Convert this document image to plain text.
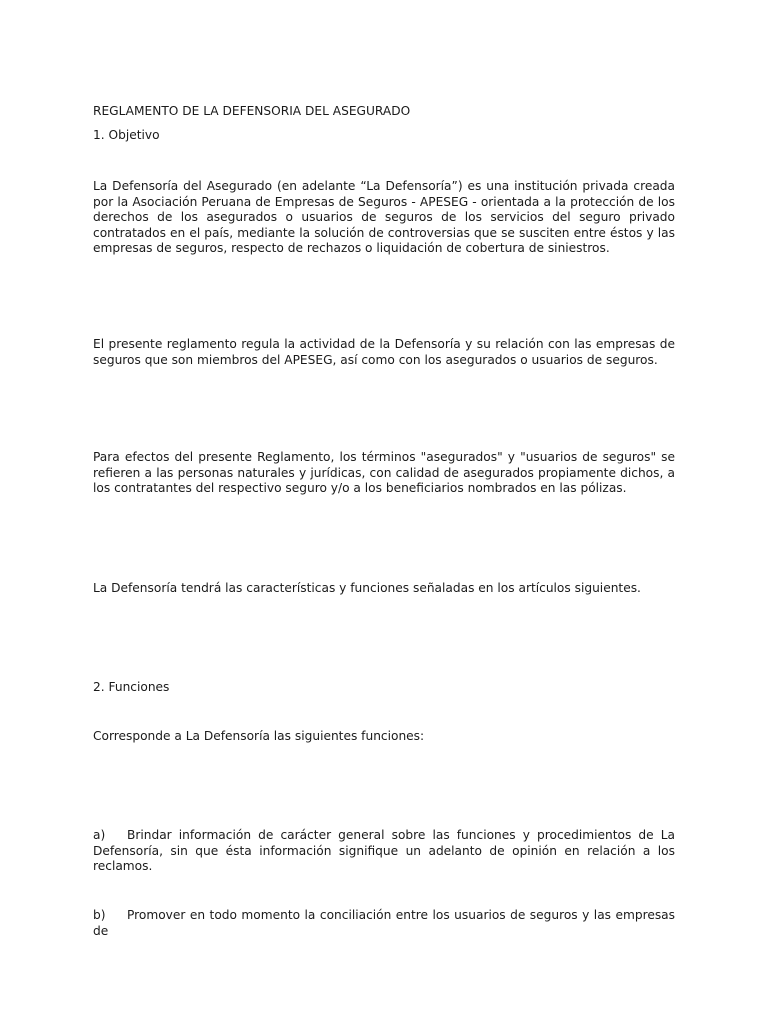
REGLAMENTO DE LA DEFENSORIA DEL ASEGURADO

1. Objetivo

La Defensoría del Asegurado (en adelante “La Defensoría”) es una institución privada creada por la Asociación Peruana de Empresas de Seguros - APESEG - orientada a la protección de los derechos de los asegurados o usuarios de seguros de los servicios del seguro privado contratados en el país, mediante la solución de controversias que se susciten entre éstos y las empresas de seguros, respecto de rechazos o liquidación de cobertura de siniestros.

El presente reglamento regula la actividad de la Defensoría y su relación con las empresas de seguros que son miembros del APESEG, así como con los asegurados o usuarios de seguros.

Para efectos del presente Reglamento, los términos "asegurados" y "usuarios de seguros" se refieren a las personas naturales y jurídicas, con calidad de asegurados propiamente dichos, a los contratantes del respectivo seguro y/o a los beneficiarios nombrados en las pólizas.

La Defensoría tendrá las características y funciones señaladas en los artículos siguientes.

2. Funciones

Corresponde a La Defensoría las siguientes funciones:

a) Brindar información de carácter general sobre las funciones y procedimientos de La Defensoría, sin que ésta información signifique un adelanto de opinión en relación a los reclamos.

b) Promover en todo momento la conciliación entre los usuarios de seguros y las empresas de
